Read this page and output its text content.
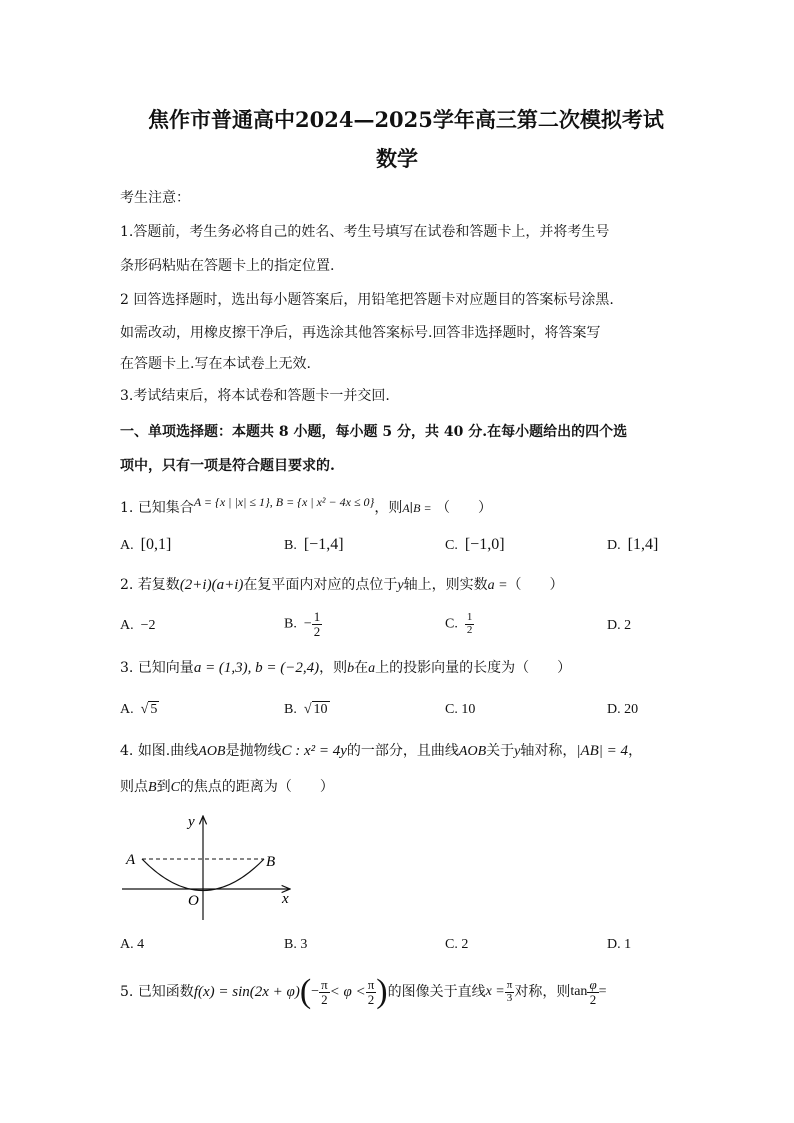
焦作市普通高中2024—2025学年高三第二次模拟考试
数学
考生注意：
1.答题前，考生务必将自己的姓名、考生号填写在试卷和答题卡上，并将考生号
条形码粘贴在答题卡上的指定位置.
2 回答选择题时，选出每小题答案后，用铅笔把答题卡对应题目的答案标号涂黑.
如需改动，用橡皮擦干净后，再选涂其他答案标号.回答非选择题时，将答案写
在答题卡上.写在本试卷上无效.
3.考试结束后，将本试卷和答题卡一并交回.
一、单项选择题：本题共 8 小题，每小题 5 分，共 40 分.在每小题给出的四个选
项中，只有一项是符合题目要求的.
1. 已知集合A = {x | |x| ≤ 1}, B = {x | x² − 4x ≤ 0}，则A∣B = （　　）
A. [0,1]	B. [−1,4]	C. [−1,0]	D. [1,4]
2. 若复数(2+i)(a+i)在复平面内对应的点位于y轴上，则实数a =（　　）
A. −2	B. − $\frac{1}{2}$	C. $\frac{1}{2}$	D. 2
3. 已知向量a = (1,3), b = (−2,4)，则b在a上的投影向量的长度为（　　）
A. √ 5	B. √ 10	C. 10	D. 20
4. 如图.曲线AOB是抛物线C : x² = 4y的一部分，且曲线AOB关于y轴对称，|AB| = 4，
则点B到C的焦点的距离为（　　）
A	B
O	x
y
A. 4	B. 3	C. 2	D. 1
5.
已知函数 f(x) = sin(2x + φ) ( − $\frac{\pi}{2} < \varphi < \frac{\pi}{2}$ ) 的图像关于直线 $x = \frac{\pi}{3}$ 对称，则 $\tan \frac{\varphi}{2}$ =
